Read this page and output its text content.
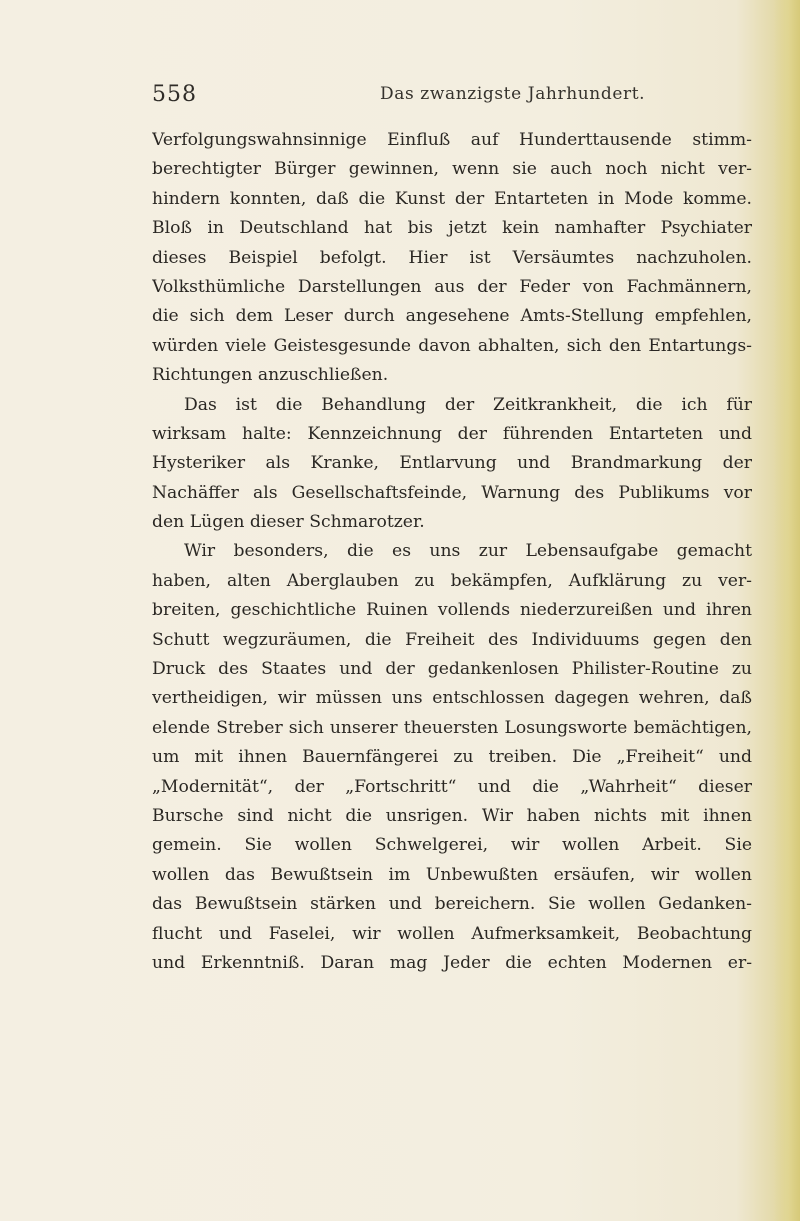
558	Das zwanzigste Jahrhundert.
Verfolgungswahnsinnige Einfluß auf Hunderttausende stimm-
berechtigter Bürger gewinnen, wenn sie auch noch nicht ver-
hindern konnten, daß die Kunst der Entarteten in Mode komme.
Bloß in Deutschland hat bis jetzt kein namhafter Psychiater
dieses Beispiel befolgt. Hier ist Versäumtes nachzuholen.
Volksthümliche Darstellungen aus der Feder von Fachmännern,
die sich dem Leser durch angesehene Amts-Stellung empfehlen,
würden viele Geistesgesunde davon abhalten, sich den Entartungs-
Richtungen anzuschließen.
Das ist die Behandlung der Zeitkrankheit, die ich für
wirksam halte: Kennzeichnung der führenden Entarteten und
Hysteriker als Kranke, Entlarvung und Brandmarkung der
Nachäffer als Gesellschaftsfeinde, Warnung des Publikums vor
den Lügen dieser Schmarotzer.
Wir besonders, die es uns zur Lebensaufgabe gemacht
haben, alten Aberglauben zu bekämpfen, Aufklärung zu ver-
breiten, geschichtliche Ruinen vollends niederzureißen und ihren
Schutt wegzuräumen, die Freiheit des Individuums gegen den
Druck des Staates und der gedankenlosen Philister-Routine zu
vertheidigen, wir müssen uns entschlossen dagegen wehren, daß
elende Streber sich unserer theuersten Losungsworte bemächtigen,
um mit ihnen Bauernfängerei zu treiben. Die „Freiheit“ und
„Modernität“, der „Fortschritt“ und die „Wahrheit“ dieser
Bursche sind nicht die unsrigen. Wir haben nichts mit ihnen
gemein. Sie wollen Schwelgerei, wir wollen Arbeit. Sie
wollen das Bewußtsein im Unbewußten ersäufen, wir wollen
das Bewußtsein stärken und bereichern. Sie wollen Gedanken-
flucht und Faselei, wir wollen Aufmerksamkeit, Beobachtung
und Erkenntniß. Daran mag Jeder die echten Modernen er-
